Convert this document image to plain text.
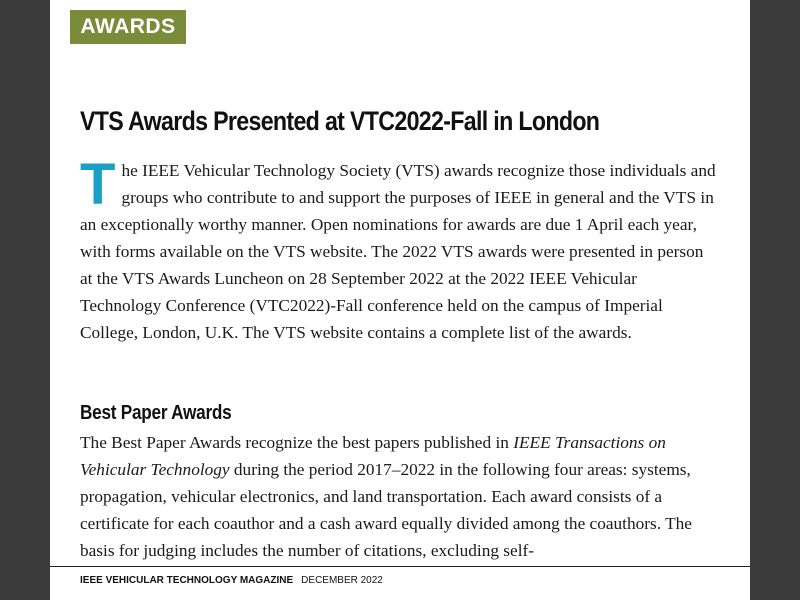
AWARDS
VTS Awards Presented at VTC2022-Fall in London

The IEEE Vehicular Technology Society (VTS) awards recognize those individuals and groups who contribute to and support the purposes of IEEE in general and the VTS in an exceptionally worthy manner. Open nominations for awards are due 1 April each year, with forms available on the VTS website. The 2022 VTS awards were presented in person at the VTS Awards Luncheon on 28 September 2022 at the 2022 IEEE Vehicular Technology Conference (VTC2022)-Fall conference held on the campus of Imperial College, London, U.K. The VTS website contains a complete list of the awards.

Best Paper Awards

The Best Paper Awards recognize the best papers published in IEEE Transactions on Vehicular Technology during the period 2017–2022 in the following four areas: systems, propagation, vehicular electronics, and land transportation. Each award consists of a certificate for each coauthor and a cash award equally divided among the coauthors. The basis for judging includes the number of citations, excluding self-

IEEE VEHICULAR TECHNOLOGY MAGAZINE DECEMBER 2022
